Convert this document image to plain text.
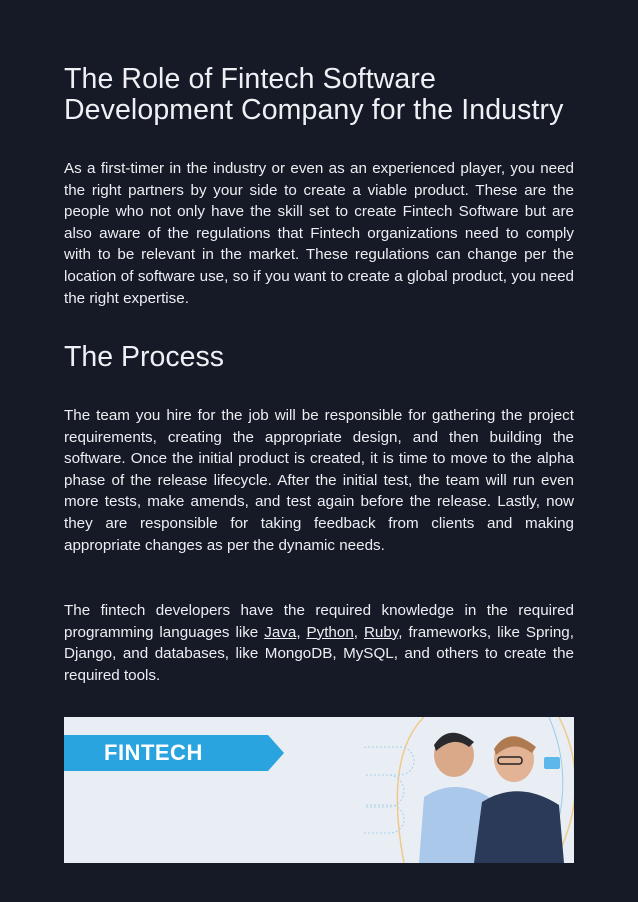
The Role of Fintech Software
Development Company for the Industry

As a first-timer in the industry or even as an experienced player, you need the right partners by your side to create a viable product. These are the people who not only have the skill set to create Fintech Software but are also aware of the regulations that Fintech organizations need to comply with to be relevant in the market. These regulations can change per the location of software use, so if you want to create a global product, you need the right expertise.

The Process

The team you hire for the job will be responsible for gathering the project requirements, creating the appropriate design, and then building the software. Once the initial product is created, it is time to move to the alpha phase of the release lifecycle. After the initial test, the team will run even more tests, make amends, and test again before the release. Lastly, now they are responsible for taking feedback from clients and making appropriate changes as per the dynamic needs.

The fintech developers have the required knowledge in the required programming languages like Java, Python, Ruby, frameworks, like Spring, Django, and databases, like MongoDB, MySQL, and others to create the required tools.

FINTECH
